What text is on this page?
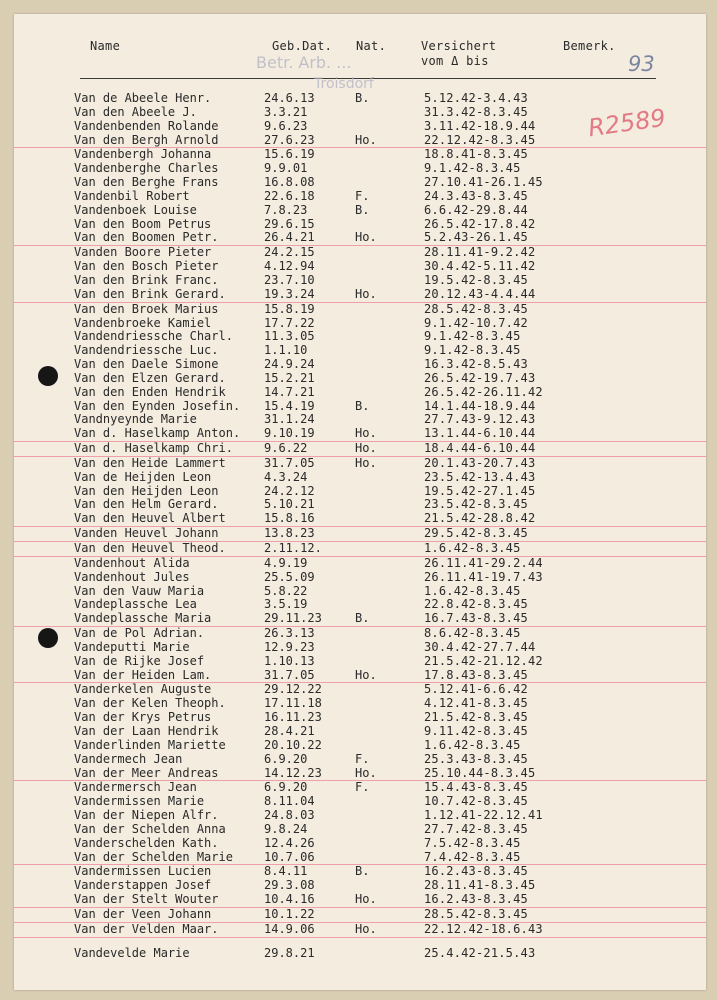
Name	Geb.Dat. Nat.	Versichert
vom Δ bis
Bemerk.
Betr. Arb. ...
Troisdorf
93
R2589
Van de Abeele Henr.	24.6.13	B.	5.12.42-3.4.43
Van den Abeele J.	3.3.21	31.3.42-8.3.45
Vandenbenden Rolande	9.6.23	3.11.42-18.9.44
Van den Bergh Arnold	27.6.23	Ho.	22.12.42-8.3.45
Vandenbergh Johanna	15.6.19	18.8.41-8.3.45
Vandenberghe Charles	9.9.01	9.1.42-8.3.45
Van den Berghe Frans	16.8.08	27.10.41-26.1.45
Vandenbil Robert	22.6.18	F.	24.3.43-8.3.45
Vandenboek Louise	7.8.23	B.	6.6.42-29.8.44
Van den Boom Petrus	29.6.15	26.5.42-17.8.42
Van den Boomen Petr.	26.4.21	Ho.	5.2.43-26.1.45
Vanden Boore Pieter	24.2.15	28.11.41-9.2.42
Van den Bosch Pieter	4.12.94	30.4.42-5.11.42
Van den Brink Franc.	23.7.10	19.5.42-8.3.45
Van den Brink Gerard.	19.3.24	Ho.	20.12.43-4.4.44
Van den Broek Marius	15.8.19	28.5.42-8.3.45
Vandenbroeke Kamiel	17.7.22	9.1.42-10.7.42
Vandendriessche Charl.	11.3.05	9.1.42-8.3.45
Vandendriessche Luc.	1.1.10	9.1.42-8.3.45
Van den Daele Simone	24.9.24	16.3.42-8.5.43
Van den Elzen Gerard.	15.2.21	26.5.42-19.7.43
Van den Enden Hendrik	14.7.21	26.5.42-26.11.42
Van den Eynden Josefin. 15.4.19	B.	14.1.44-18.9.44
Vandnyeynde Marie	31.1.24	27.7.43-9.12.43
Van d. Haselkamp Anton. 9.10.19	Ho.	13.1.44-6.10.44
Van d. Haselkamp Chri.	9.6.22	Ho.	18.4.44-6.10.44
Van den Heide Lammert	31.7.05	Ho.	20.1.43-20.7.43
Van de Heijden Leon	4.3.24	23.5.42-13.4.43
Van den Heijden Leon	24.2.12	19.5.42-27.1.45
Van den Helm Gerard.	5.10.21	23.5.42-8.3.45
Van den Heuvel Albert	15.8.16	21.5.42-28.8.42
Vanden Heuvel Johann	13.8.23	29.5.42-8.3.45
Van den Heuvel Theod.	2.11.12.	1.6.42-8.3.45
Vandenhout Alida	4.9.19	26.11.41-29.2.44
Vandenhout Jules	25.5.09	26.11.41-19.7.43
Van den Vauw Maria	5.8.22	1.6.42-8.3.45
Vandeplassche Lea	3.5.19	22.8.42-8.3.45
Vandeplassche Maria	29.11.23	B.	16.7.43-8.3.45
Van de Pol Adrian.	26.3.13	8.6.42-8.3.45
Vandeputti Marie	12.9.23	30.4.42-27.7.44
Van de Rijke Josef	1.10.13	21.5.42-21.12.42
Van der Heiden Lam.	31.7.05	Ho.	17.8.43-8.3.45
Vanderkelen Auguste	29.12.22	5.12.41-6.6.42
Van der Kelen Theoph.	17.11.18	4.12.41-8.3.45
Van der Krys Petrus	16.11.23	21.5.42-8.3.45
Van der Laan Hendrik	28.4.21	9.11.42-8.3.45
Vanderlinden Mariette	20.10.22	1.6.42-8.3.45
Vandermech Jean	6.9.20	F.	25.3.43-8.3.45
Van der Meer Andreas	14.12.23	Ho.	25.10.44-8.3.45
Vandermersch Jean	6.9.20	F.	15.4.43-8.3.45
Vandermissen Marie	8.11.04	10.7.42-8.3.45
Van der Niepen Alfr.	24.8.03	1.12.41-22.12.41
Van der Schelden Anna	9.8.24	27.7.42-8.3.45
Vanderschelden Kath.	12.4.26	7.5.42-8.3.45
Van der Schelden Marie	10.7.06	7.4.42-8.3.45
Vandermissen Lucien	8.4.11	B.	16.2.43-8.3.45
Vanderstappen Josef	29.3.08	28.11.41-8.3.45
Van der Stelt Wouter	10.4.16	Ho.	16.2.43-8.3.45
Van der Veen Johann	10.1.22	28.5.42-8.3.45
Van der Velden Maar.	14.9.06	Ho.	22.12.42-18.6.43
Vandevelde Marie	29.8.21	25.4.42-21.5.43
